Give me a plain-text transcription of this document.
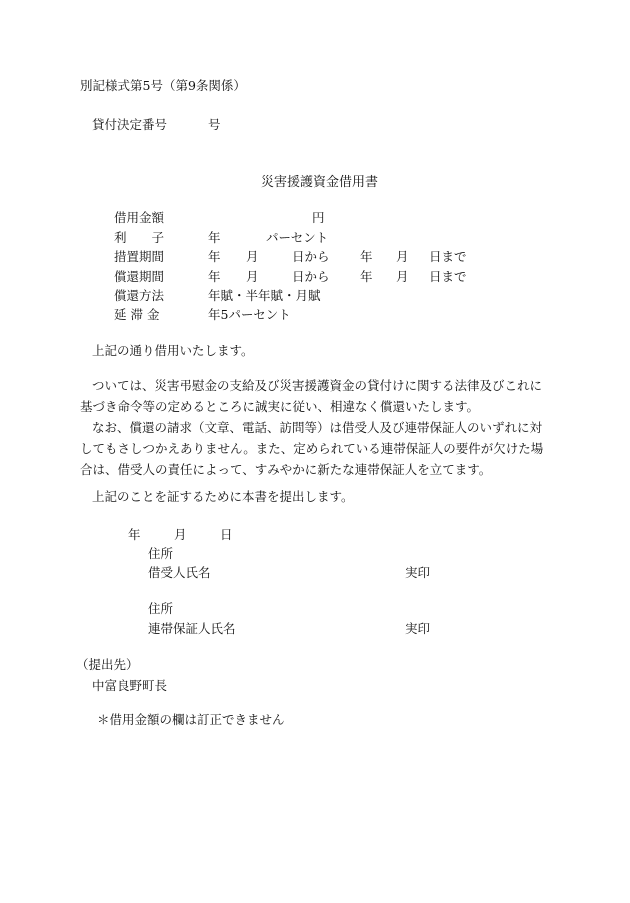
別記様式第5号（第9条関係）
貸付決定番号	号
災害援護資金借用書
借用金額	円
利　　子	年	パーセント
措置期間	年 月	日から 年 月 日まで
償還期間	年 月	日から 年 月 日まで
償還方法	年賦・半年賦・月賦
延 滞 金	年5パーセント
上記の通り借用いたします。

ついては、災害弔慰金の支給及び災害援護資金の貸付けに関する法律及びこれに基づき命令等の定めるところに誠実に従い、相違なく償還いたします。

なお、償還の請求（文章、電話、訪問等）は借受人及び連帯保証人のいずれに対してもさしつかえありません。また、定められている連帯保証人の要件が欠けた場合は、借受人の責任によって、すみやかに新たな連帯保証人を立てます。

上記のことを証するために本書を提出します。
年	月	日
住所
借受人氏名	実印
住所
連帯保証人氏名	実印
（提出先）
中富良野町長
＊借用金額の欄は訂正できません
